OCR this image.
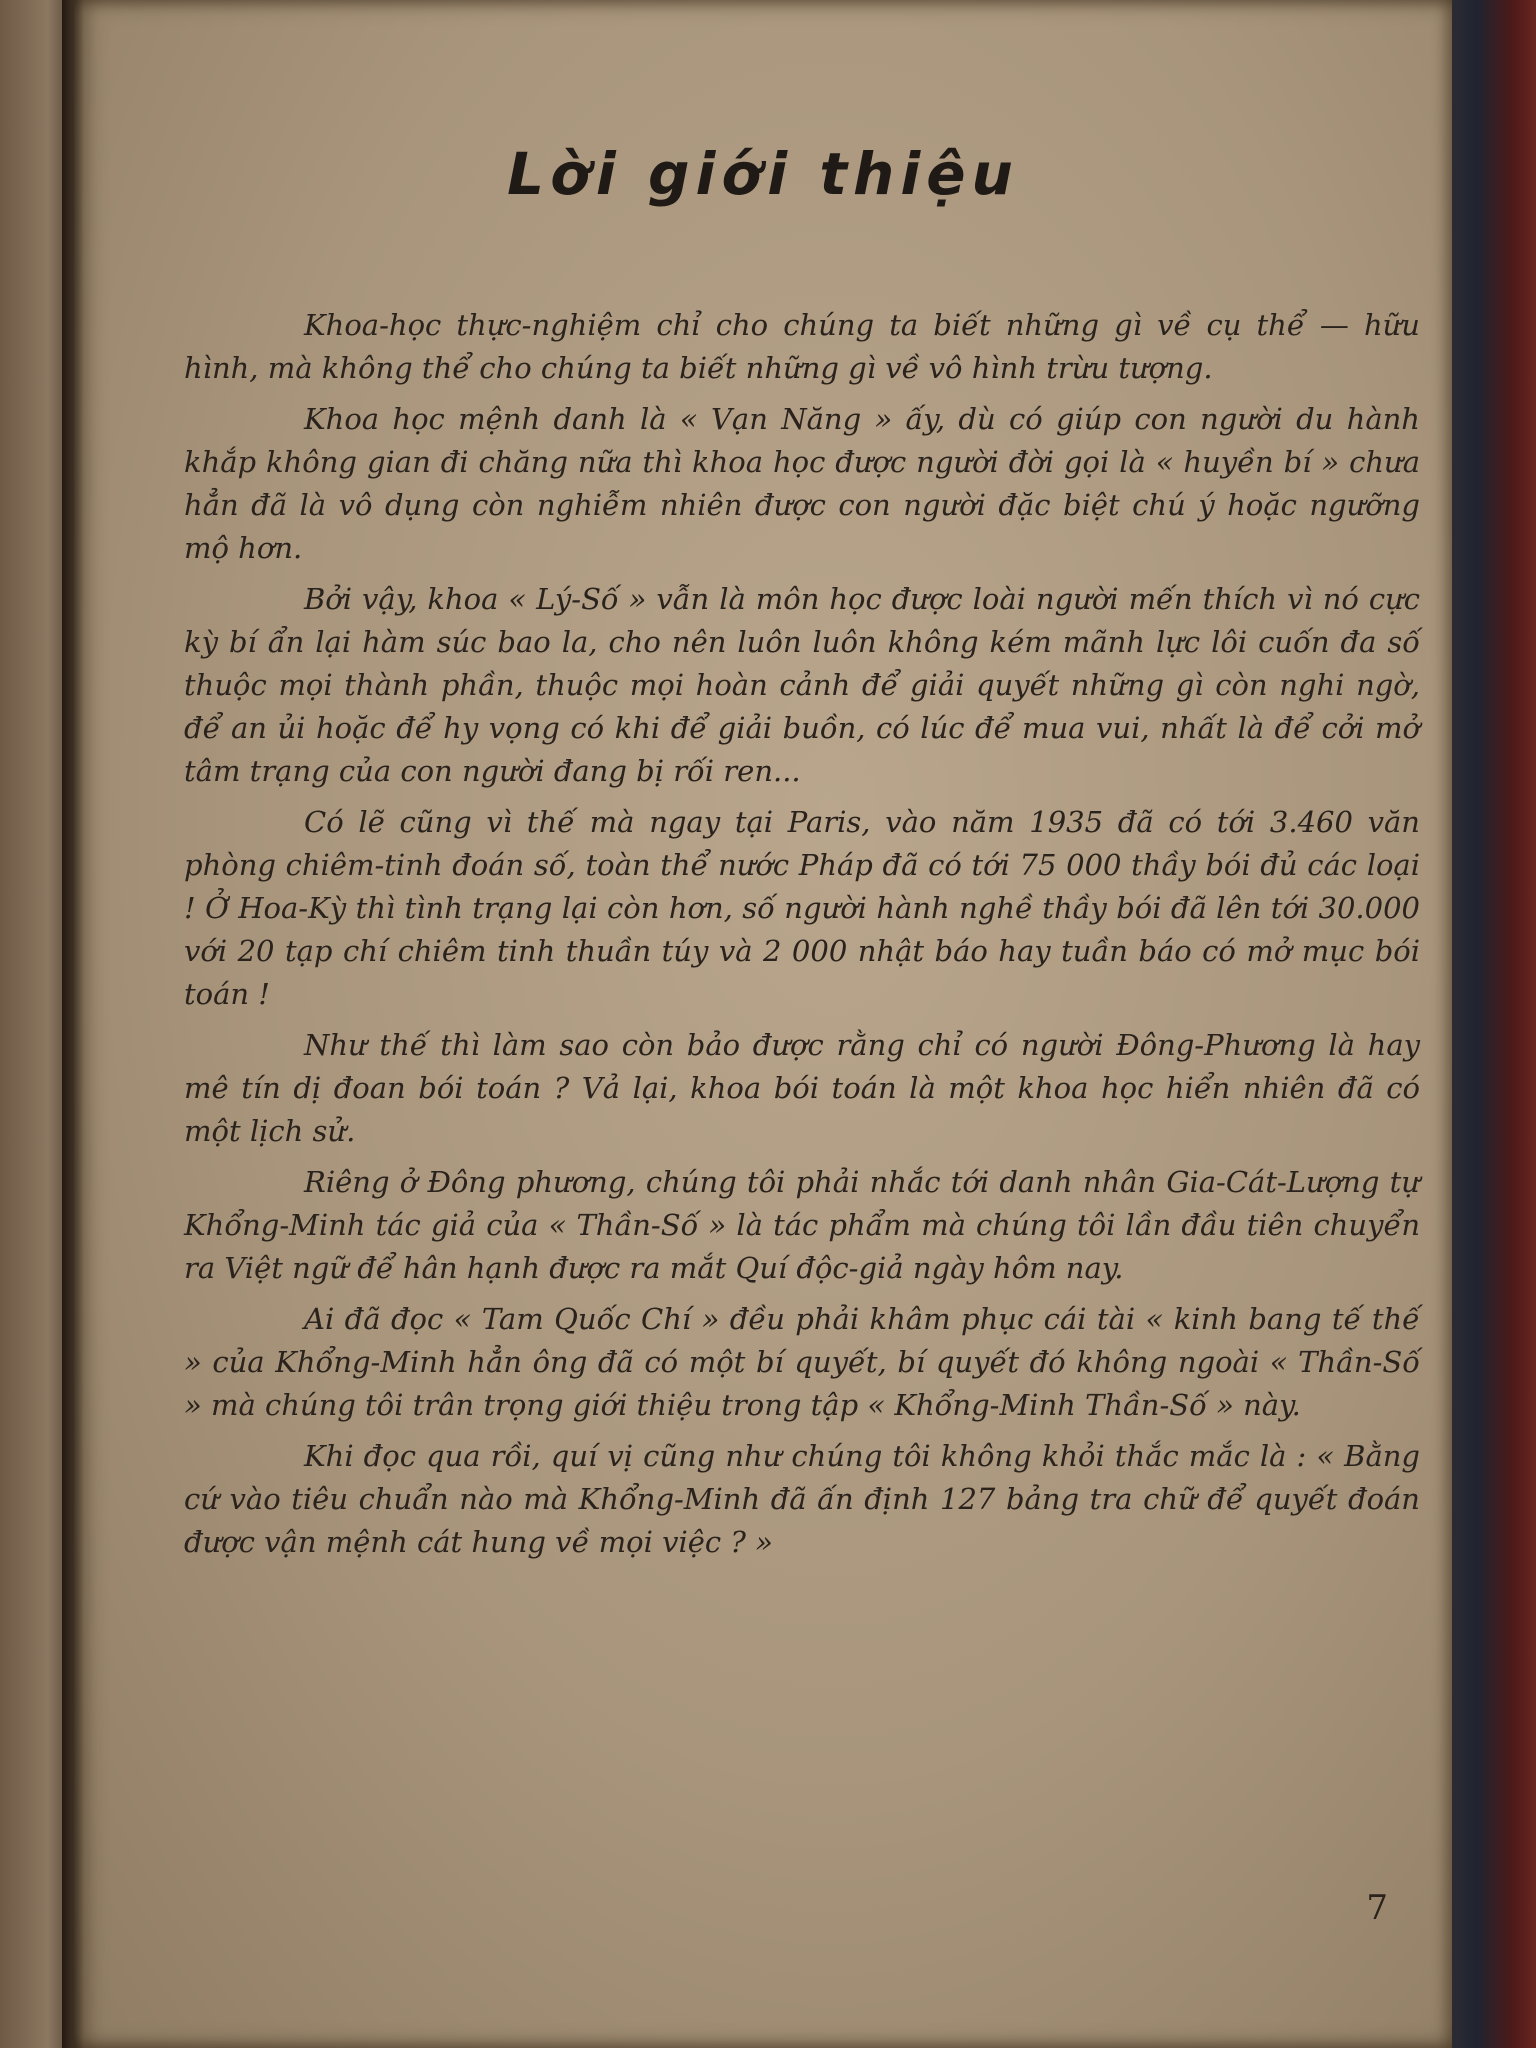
Lời giới thiệu

Khoa-học thực-nghiệm chỉ cho chúng ta biết những gì về cụ thể — hữu hình, mà không thể cho chúng ta biết những gì về vô hình trừu tượng.

Khoa học mệnh danh là « Vạn Năng » ấy, dù có giúp con người du hành khắp không gian đi chăng nữa thì khoa học được người đời gọi là « huyền bí » chưa hẳn đã là vô dụng còn nghiễm nhiên được con người đặc biệt chú ý hoặc ngưỡng mộ hơn.

Bởi vậy, khoa « Lý-Số » vẫn là môn học được loài người mến thích vì nó cực kỳ bí ẩn lại hàm súc bao la, cho nên luôn luôn không kém mãnh lực lôi cuốn đa số thuộc mọi thành phần, thuộc mọi hoàn cảnh để giải quyết những gì còn nghi ngờ, để an ủi hoặc để hy vọng có khi để giải buồn, có lúc để mua vui, nhất là để cởi mở tâm trạng của con người đang bị rối ren...

Có lẽ cũng vì thế mà ngay tại Paris, vào năm 1935 đã có tới 3.460 văn phòng chiêm-tinh đoán số, toàn thể nước Pháp đã có tới 75 000 thầy bói đủ các loại ! Ở Hoa-Kỳ thì tình trạng lại còn hơn, số người hành nghề thầy bói đã lên tới 30.000 với 20 tạp chí chiêm tinh thuần túy và 2 000 nhật báo hay tuần báo có mở mục bói toán !

Như thế thì làm sao còn bảo được rằng chỉ có người Đông-Phương là hay mê tín dị đoan bói toán ? Vả lại, khoa bói toán là một khoa học hiển nhiên đã có một lịch sử.

Riêng ở Đông phương, chúng tôi phải nhắc tới danh nhân Gia-Cát-Lượng tự Khổng-Minh tác giả của « Thần-Số » là tác phẩm mà chúng tôi lần đầu tiên chuyển ra Việt ngữ để hân hạnh được ra mắt Quí độc-giả ngày hôm nay.

Ai đã đọc « Tam Quốc Chí » đều phải khâm phục cái tài « kinh bang tế thế » của Khổng-Minh hẳn ông đã có một bí quyết, bí quyết đó không ngoài « Thần-Số » mà chúng tôi trân trọng giới thiệu trong tập « Khổng-Minh Thần-Số » này.

Khi đọc qua rồi, quí vị cũng như chúng tôi không khỏi thắc mắc là : « Bằng cứ vào tiêu chuẩn nào mà Khổng-Minh đã ấn định 127 bảng tra chữ để quyết đoán được vận mệnh cát hung về mọi việc ? »

7
